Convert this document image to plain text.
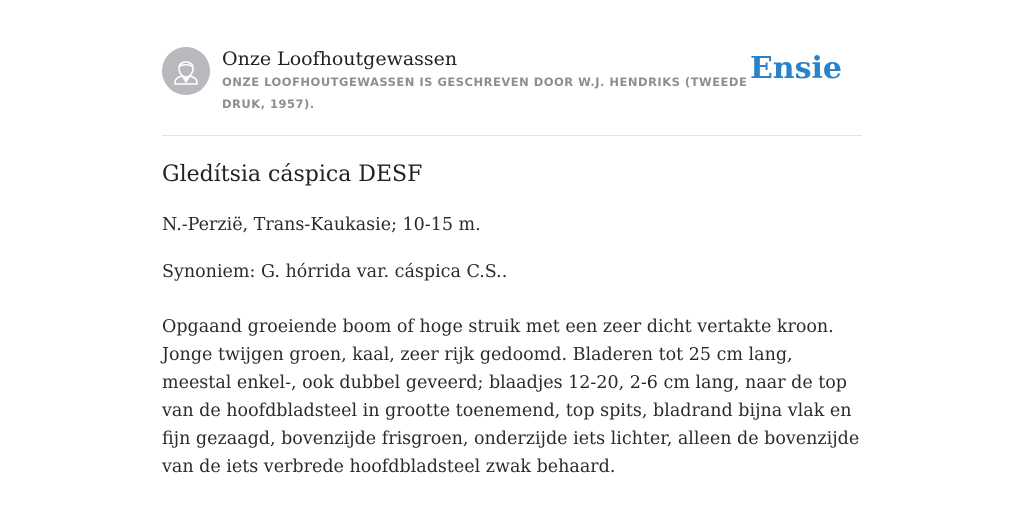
Onze Loofhoutgewassen
ONZE LOOFHOUTGEWASSEN IS GESCHREVEN DOOR W.J. HENDRIKS (TWEEDE DRUK, 1957).
Ensie
Gledítsia cáspica DESF

N.-Perzië, Trans-Kaukasie; 10-15 m.

Synoniem: G. hórrida var. cáspica C.S..

Opgaand groeiende boom of hoge struik met een zeer dicht vertakte kroon. Jonge twijgen groen, kaal, zeer rijk gedoomd. Bladeren tot 25 cm lang, meestal enkel-, ook dubbel geveerd; blaadjes 12-20, 2-6 cm lang, naar de top van de hoofdbladsteel in grootte toenemend, top spits, bladrand bijna vlak en fijn gezaagd, bovenzijde frisgroen, onderzijde iets lichter, alleen de bovenzijde van de iets verbrede hoofdbladsteel zwak behaard.
